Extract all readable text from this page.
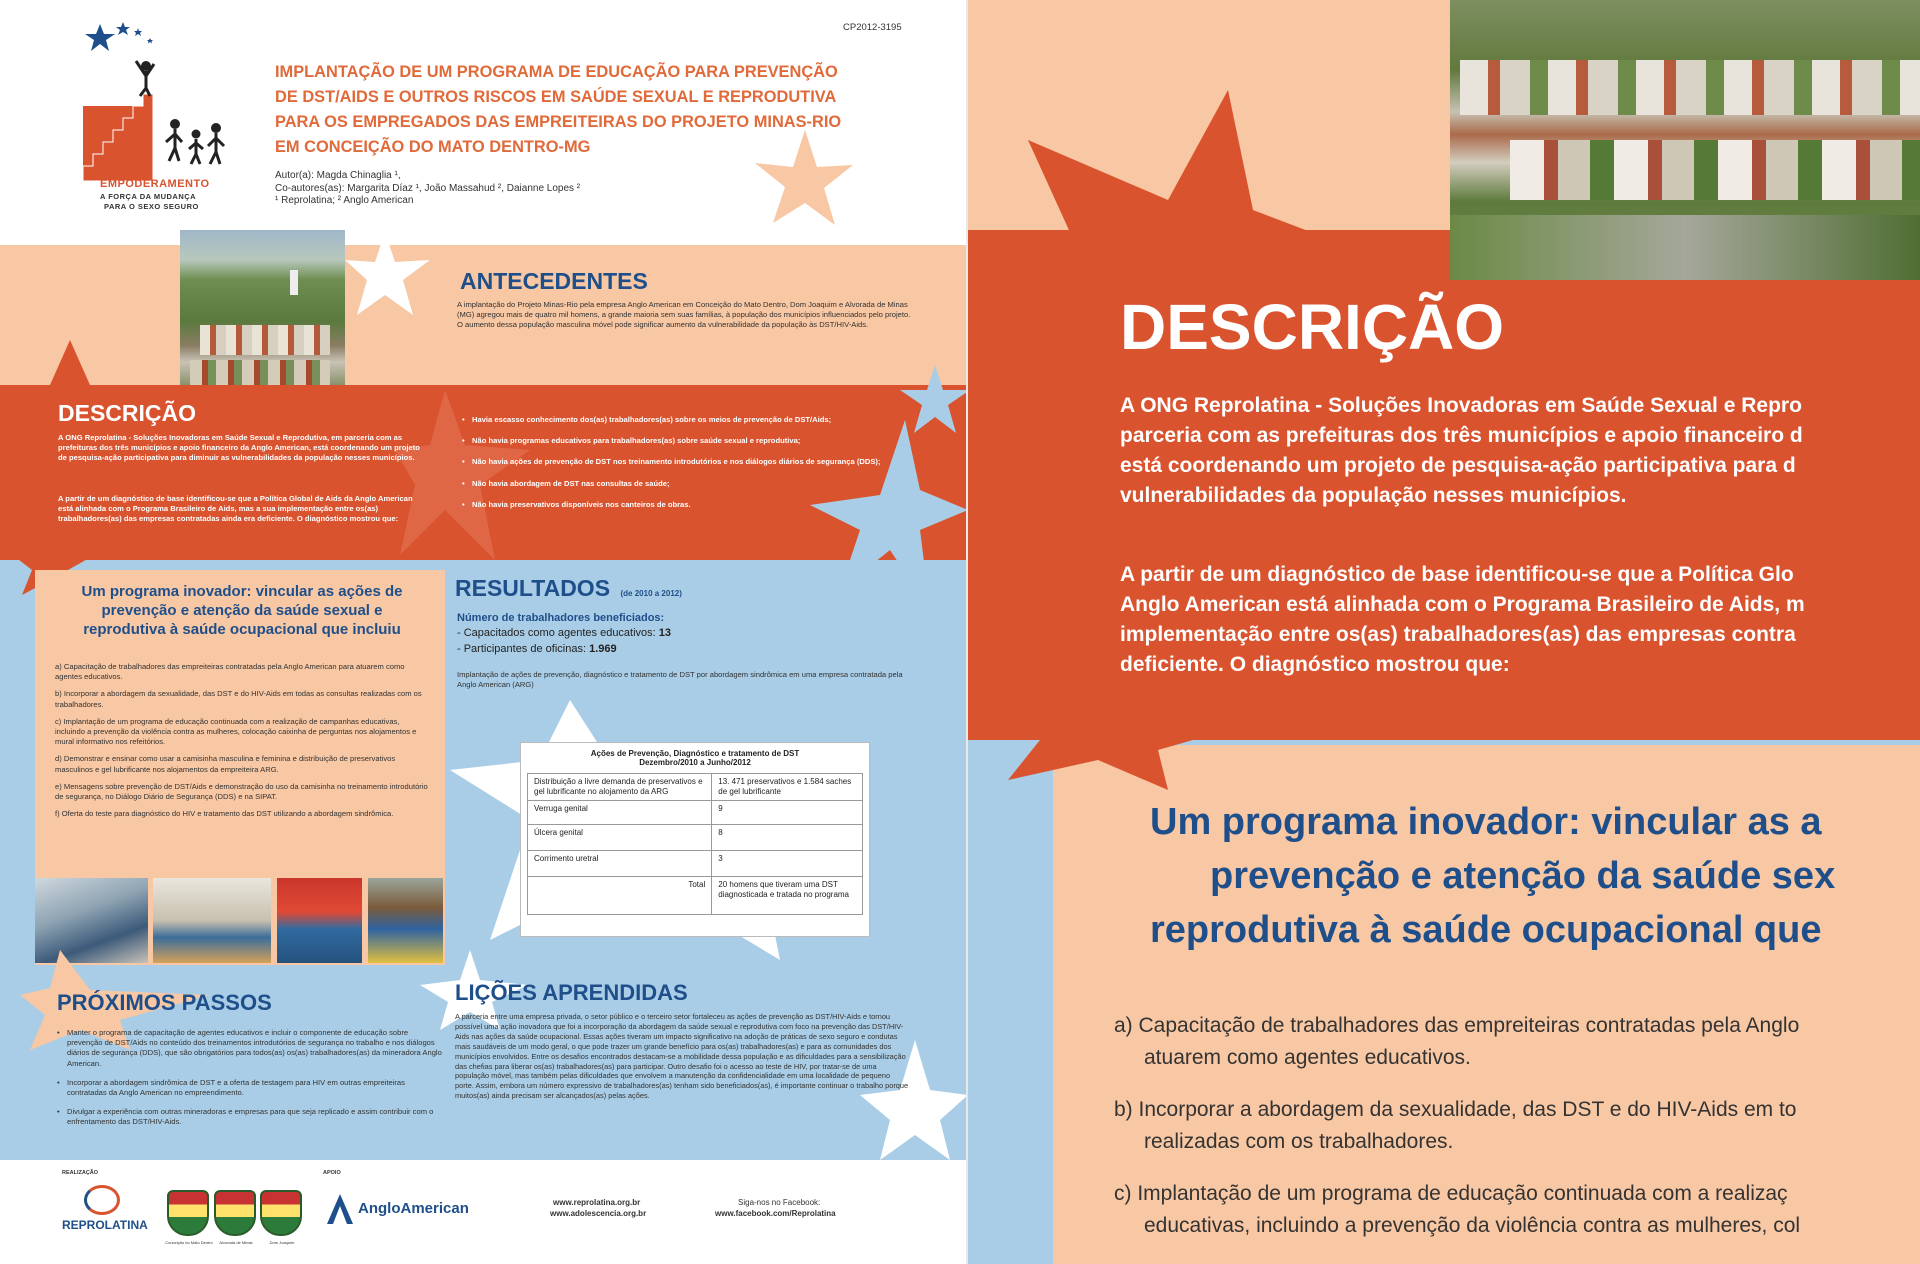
CP2012-3195
EMPODERAMENTO
A FORÇA DA MUDANÇA
PARA O SEXO SEGURO
IMPLANTAÇÃO DE UM PROGRAMA DE EDUCAÇÃO PARA PREVENÇÃO
DE DST/AIDS E OUTROS RISCOS EM SAÚDE SEXUAL E REPRODUTIVA
PARA OS EMPREGADOS DAS EMPREITEIRAS DO PROJETO MINAS-RIO
EM CONCEIÇÃO DO MATO DENTRO-MG
Autor(a): Magda Chinaglia ¹,
Co-autores(as): Margarita Díaz ¹, João Massahud ², Daianne Lopes ²
¹ Reprolatina; ² Anglo American
ANTECEDENTES
A implantação do Projeto Minas-Rio pela empresa Anglo American em Conceição do Mato Dentro, Dom Joaquim e Alvorada de Minas (MG) agregou mais de quatro mil homens, a grande maioria sem suas famílias, à população dos municípios influenciados pelo projeto. O aumento dessa população masculina móvel pode significar aumento da vulnerabilidade da população às DST/HIV-Aids.
DESCRIÇÃO
A ONG Reprolatina - Soluções Inovadoras em Saúde Sexual e Reprodutiva, em parceria com as prefeituras dos três municípios e apoio financeiro da Anglo American, está coordenando um projeto de pesquisa-ação participativa para diminuir as vulnerabilidades da população nesses municípios.
A partir de um diagnóstico de base identificou-se que a Política Global de Aids da Anglo American está alinhada com o Programa Brasileiro de Aids, mas a sua implementação entre os(as) trabalhadores(as) das empresas contratadas ainda era deficiente. O diagnóstico mostrou que:
• Havia escasso conhecimento dos(as) trabalhadores(as) sobre os meios de prevenção de DST/Aids;
• Não havia programas educativos para trabalhadores(as) sobre saúde sexual e reprodutiva;
• Não havia ações de prevenção de DST nos treinamento introdutórios e nos diálogos diários de segurança (DDS);
• Não havia abordagem de DST nas consultas de saúde;
• Não havia preservativos disponíveis nos canteiros de obras.
Um programa inovador: vincular as ações de
prevenção e atenção da saúde sexual e
reprodutiva à saúde ocupacional que incluiu
a) Capacitação de trabalhadores das empreiteiras contratadas pela Anglo American para atuarem como agentes educativos.
b) Incorporar a abordagem da sexualidade, das DST e do HIV-Aids em todas as consultas realizadas com os trabalhadores.
c) Implantação de um programa de educação continuada com a realização de campanhas educativas, incluindo a prevenção da violência contra as mulheres, colocação caixinha de perguntas nos alojamentos e mural informativo nos refeitórios.
d) Demonstrar e ensinar como usar a camisinha masculina e feminina e distribuição de preservativos masculinos e gel lubrificante nos alojamentos da empreiteira ARG.
e) Mensagens sobre prevenção de DST/Aids e demonstração do uso da camisinha no treinamento introdutório de segurança, no Diálogo Diário de Segurança (DDS) e na SIPAT.
f) Oferta do teste para diagnóstico do HIV e tratamento das DST utilizando a abordagem sindrômica.
RESULTADOS (de 2010 a 2012)
Número de trabalhadores beneficiados:
- Capacitados como agentes educativos: 13
- Participantes de oficinas: 1.969
Implantação de ações de prevenção, diagnóstico e tratamento de DST por abordagem sindrômica em uma empresa contratada pela Anglo American (ARG)
Ações de Prevenção, Diagnóstico e tratamento de DST
Dezembro/2010 a Junho/2012
Distribuição a livre demanda de preservativos e gel lubrificante no alojamento da ARG	13. 471 preservativos e 1.584 saches de gel lubrificante
Verruga genital	9
Úlcera genital	8
Corrimento uretral	3
Total	20 homens que tiveram uma DST diagnosticada e tratada no programa
PRÓXIMOS PASSOS
• Manter o programa de capacitação de agentes educativos e incluir o componente de educação sobre prevenção de DST/Aids no conteúdo dos treinamentos introdutórios de segurança no trabalho e nos diálogos diários de segurança (DDS), que são obrigatórios para todos(as) os(as) trabalhadores(as) da mineradora Anglo American.
• Incorporar a abordagem sindrômica de DST e a oferta de testagem para HIV em outras empreiteiras contratadas da Anglo American no empreendimento.
• Divulgar a experiência com outras mineradoras e empresas para que seja replicado e assim contribuir com o enfrentamento das DST/HIV-Aids.
LIÇÕES APRENDIDAS
A parceria entre uma empresa privada, o setor público e o terceiro setor fortaleceu as ações de prevenção as DST/HIV-Aids e tornou possível uma ação inovadora que foi a incorporação da abordagem da saúde sexual e reprodutiva com foco na prevenção das DST/HIV-Aids nas ações da saúde ocupacional. Essas ações tiveram um impacto significativo na adoção de práticas de sexo seguro e condutas mais saudáveis de um modo geral, o que pode trazer um grande benefício para os(as) trabalhadores(as) e para as comunidades dos municípios envolvidos. Entre os desafios encontrados destacam-se a mobilidade dessa população e as dificuldades para a sensibilização das chefias para liberar os(as) trabalhadores(as) para participar. Outro desafio foi o acesso ao teste de HIV, por tratar-se de uma população móvel, mas também pelas dificuldades que envolvem a manutenção da confidencialidade em uma localidade de pequeno porte. Assim, embora um número expressivo de trabalhadores(as) tenham sido beneficiados(as), é importante continuar o trabalho porque muitos(as) ainda precisam ser alcançados(as) pelas ações.
REALIZAÇÃO
REPROLATINA
Conceição do Mato Dentro	Alvorada de Minas	Dom Joaquim
APOIO
AngloAmerican	www.reprolatina.org.br
www.adolescencia.org.br
Siga-nos no Facebook:
www.facebook.com/Reprolatina
DESCRIÇÃO
A ONG Reprolatina - Soluções Inovadoras em Saúde Sexual e Repro
parceria com as prefeituras dos três municípios e apoio financeiro d
está coordenando um projeto de pesquisa-ação participativa para d
vulnerabilidades da população nesses municípios.
A partir de um diagnóstico de base identificou-se que a Política Glo
Anglo American está alinhada com o Programa Brasileiro de Aids, m
implementação entre os(as) trabalhadores(as) das empresas contra
deficiente. O diagnóstico mostrou que:
Um programa inovador: vincular as a
prevenção e atenção da saúde sex
reprodutiva à saúde ocupacional que
a) Capacitação de trabalhadores das empreiteiras contratadas pela Anglo
atuarem como agentes educativos.
b) Incorporar a abordagem da sexualidade, das DST e do HIV-Aids em to
realizadas com os trabalhadores.
c) Implantação de um programa de educação continuada com a realizaç
educativas, incluindo a prevenção da violência contra as mulheres, col
